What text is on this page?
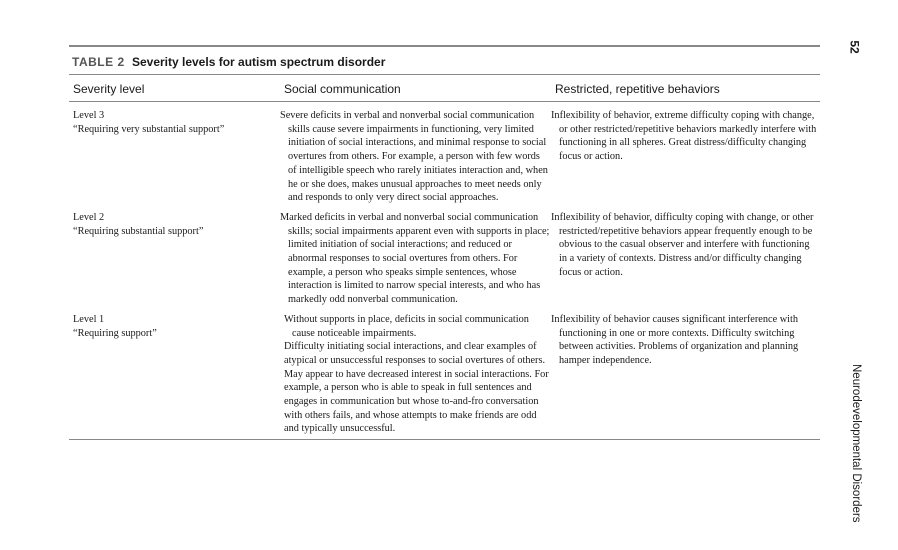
TABLE 2 Severity levels for autism spectrum disorder
Severity level	Social communication	Restricted, repetitive behaviors
Level 3
“Requiring very substantial support”
Severe deficits in verbal and nonverbal social communication skills cause severe impairments in functioning, very limited initiation of social interactions, and minimal response to social overtures from others. For example, a person with few words of intelligible speech who rarely initiates interaction and, when he or she does, makes unusual approaches to meet needs only and responds to only very direct social approaches.
Inflexibility of behavior, extreme difficulty coping with change, or other restricted/repetitive behaviors markedly interfere with functioning in all spheres. Great distress/difficulty changing focus or action.
Level 2
“Requiring substantial support”
Marked deficits in verbal and nonverbal social communication skills; social impairments apparent even with supports in place; limited initiation of social interactions; and reduced or abnormal responses to social overtures from others. For example, a person who speaks simple sentences, whose interaction is limited to narrow special interests, and who has markedly odd nonverbal communication.
Inflexibility of behavior, difficulty coping with change, or other restricted/repetitive behaviors appear frequently enough to be obvious to the casual observer and interfere with functioning in a variety of contexts. Distress and/or difficulty changing focus or action.
Level 1
“Requiring support”
Without supports in place, deficits in social communication cause noticeable impairments.
Difficulty initiating social interactions, and clear examples of atypical or unsuccessful responses to social overtures of others. May appear to have decreased interest in social interactions. For example, a person who is able to speak in full sentences and engages in communication but whose to-and-fro conversation with others fails, and whose attempts to make friends are odd and typically unsuccessful.
Inflexibility of behavior causes significant interference with functioning in one or more contexts. Difficulty switching between activities. Problems of organization and planning hamper independence.
52
Neurodevelopmental Disorders
